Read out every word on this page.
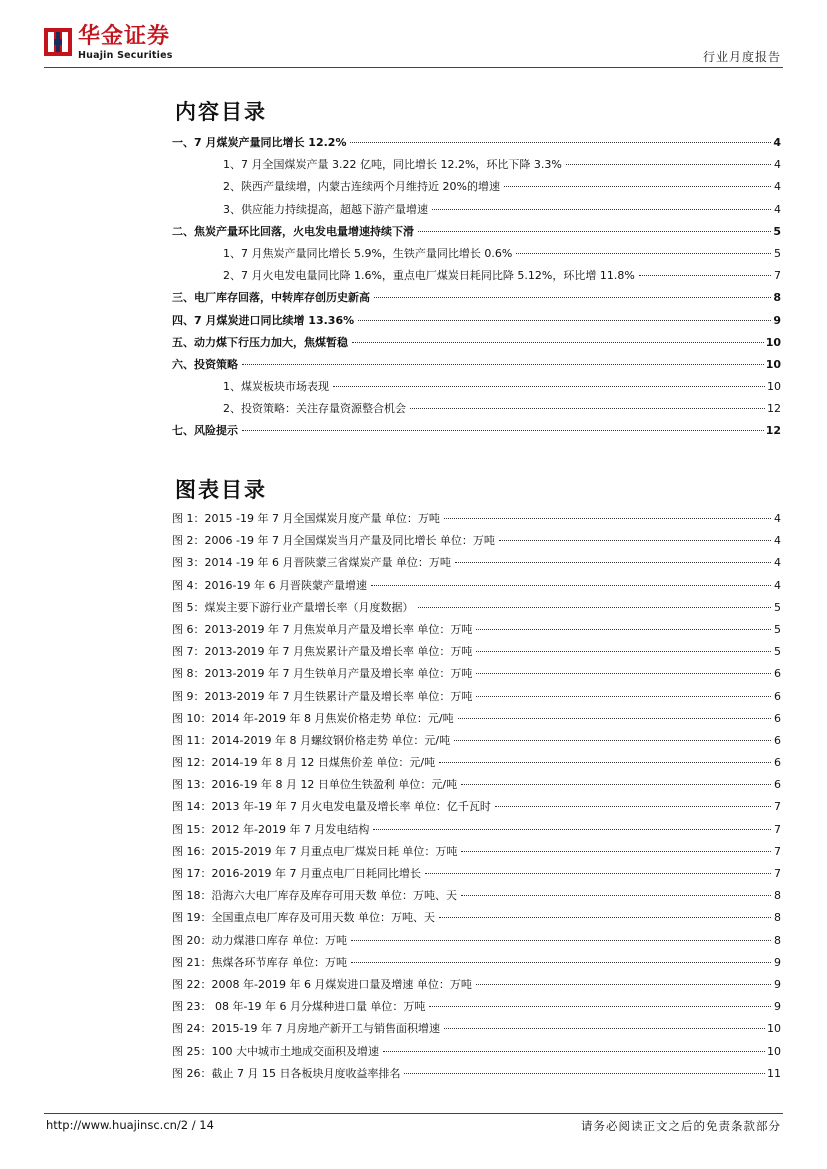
华金证券
Huajin Securities	行业月度报告
内容目录
一、7 月煤炭产量同比增长 12.2%	4
1、7 月全国煤炭产量 3.22 亿吨，同比增长 12.2%，环比下降 3.3%	4
2、陕西产量续增，内蒙古连续两个月维持近 20%的增速	4
3、供应能力持续提高，超越下游产量增速	4
二、焦炭产量环比回落，火电发电量增速持续下滑	5
1、7 月焦炭产量同比增长 5.9%，生铁产量同比增长 0.6%	5
2、7 月火电发电量同比降 1.6%，重点电厂煤炭日耗同比降 5.12%，环比增 11.8%	7
三、电厂库存回落，中转库存创历史新高	8
四、7 月煤炭进口同比续增 13.36%	9
五、动力煤下行压力加大，焦煤暂稳	10
六、投资策略	10
1、煤炭板块市场表现	10
2、投资策略：关注存量资源整合机会	12
七、风险提示	12
图表目录
图 1：2015 -19 年 7 月全国煤炭月度产量 单位：万吨	4
图 2：2006 -19 年 7 月全国煤炭当月产量及同比增长 单位：万吨	4
图 3：2014 -19 年 6 月晋陕蒙三省煤炭产量 单位：万吨	4
图 4：2016-19 年 6 月晋陕蒙产量增速	4
图 5：煤炭主要下游行业产量增长率（月度数据）	5
图 6：2013-2019 年 7 月焦炭单月产量及增长率 单位：万吨	5
图 7：2013-2019 年 7 月焦炭累计产量及增长率 单位：万吨	5
图 8：2013-2019 年 7 月生铁单月产量及增长率 单位：万吨	6
图 9：2013-2019 年 7 月生铁累计产量及增长率 单位：万吨	6
图 10：2014 年-2019 年 8 月焦炭价格走势 单位：元/吨	6
图 11：2014-2019 年 8 月螺纹钢价格走势 单位：元/吨	6
图 12：2014-19 年 8 月 12 日煤焦价差 单位：元/吨	6
图 13：2016-19 年 8 月 12 日单位生铁盈利 单位：元/吨	6
图 14：2013 年-19 年 7 月火电发电量及增长率 单位：亿千瓦时	7
图 15：2012 年-2019 年 7 月发电结构	7
图 16：2015-2019 年 7 月重点电厂煤炭日耗 单位：万吨	7
图 17：2016-2019 年 7 月重点电厂日耗同比增长	7
图 18：沿海六大电厂库存及库存可用天数 单位：万吨、天	8
图 19：全国重点电厂库存及可用天数 单位：万吨、天	8
图 20：动力煤港口库存 单位：万吨	8
图 21：焦煤各环节库存 单位：万吨	9
图 22：2008 年-2019 年 6 月煤炭进口量及增速 单位：万吨	9
图 23： 08 年-19 年 6 月分煤种进口量 单位：万吨	9
图 24：2015-19 年 7 月房地产新开工与销售面积增速	10
图 25：100 大中城市土地成交面积及增速	10
图 26：截止 7 月 15 日各板块月度收益率排名	11
http://www.huajinsc.cn/2 / 14	请务必阅读正文之后的免责条款部分
